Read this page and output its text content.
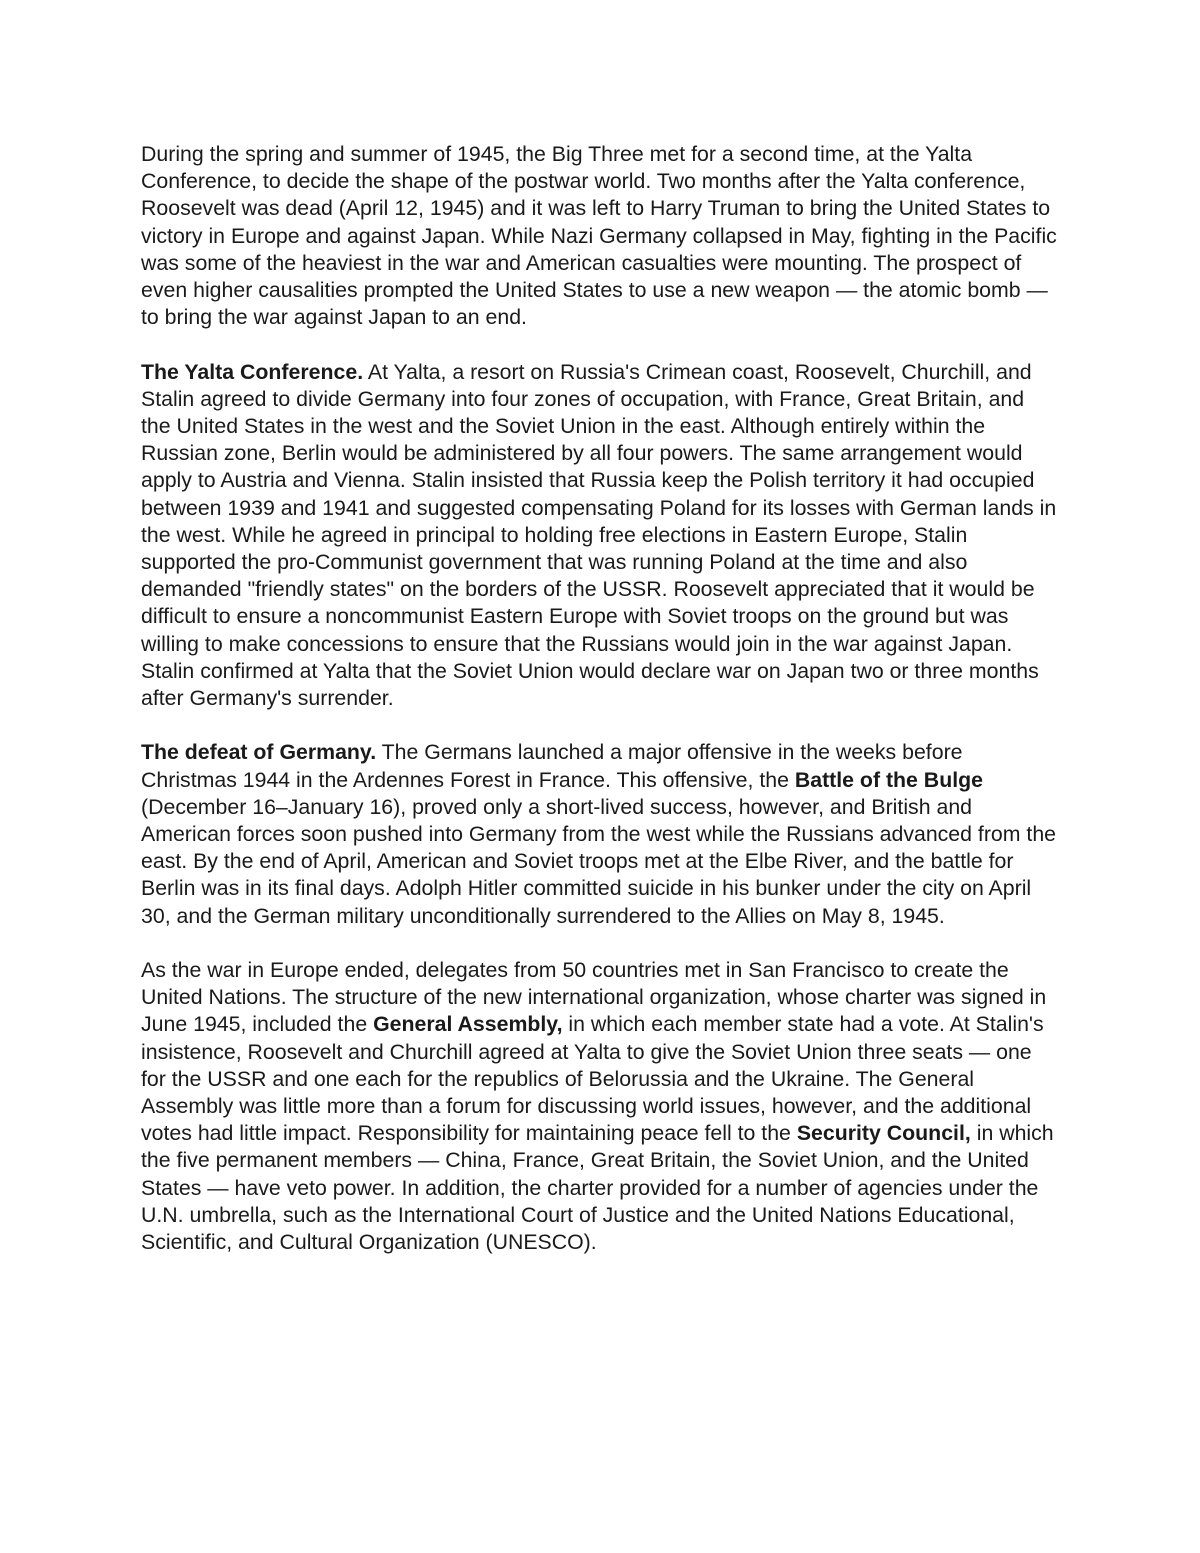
During the spring and summer of 1945, the Big Three met for a second time, at the Yalta Conference, to decide the shape of the postwar world. Two months after the Yalta conference, Roosevelt was dead (April 12, 1945) and it was left to Harry Truman to bring the United States to victory in Europe and against Japan. While Nazi Germany collapsed in May, fighting in the Pacific was some of the heaviest in the war and American casualties were mounting. The prospect of even higher causalities prompted the United States to use a new weapon — the atomic bomb — to bring the war against Japan to an end.

The Yalta Conference. At Yalta, a resort on Russia's Crimean coast, Roosevelt, Churchill, and Stalin agreed to divide Germany into four zones of occupation, with France, Great Britain, and the United States in the west and the Soviet Union in the east. Although entirely within the Russian zone, Berlin would be administered by all four powers. The same arrangement would apply to Austria and Vienna. Stalin insisted that Russia keep the Polish territory it had occupied between 1939 and 1941 and suggested compensating Poland for its losses with German lands in the west. While he agreed in principal to holding free elections in Eastern Europe, Stalin supported the pro-Communist government that was running Poland at the time and also demanded "friendly states" on the borders of the USSR. Roosevelt appreciated that it would be difficult to ensure a noncommunist Eastern Europe with Soviet troops on the ground but was willing to make concessions to ensure that the Russians would join in the war against Japan. Stalin confirmed at Yalta that the Soviet Union would declare war on Japan two or three months after Germany's surrender.

The defeat of Germany. The Germans launched a major offensive in the weeks before Christmas 1944 in the Ardennes Forest in France. This offensive, the Battle of the Bulge (December 16–January 16), proved only a short-lived success, however, and British and American forces soon pushed into Germany from the west while the Russians advanced from the east. By the end of April, American and Soviet troops met at the Elbe River, and the battle for Berlin was in its final days. Adolph Hitler committed suicide in his bunker under the city on April 30, and the German military unconditionally surrendered to the Allies on May 8, 1945.

As the war in Europe ended, delegates from 50 countries met in San Francisco to create the United Nations. The structure of the new international organization, whose charter was signed in June 1945, included the General Assembly, in which each member state had a vote. At Stalin's insistence, Roosevelt and Churchill agreed at Yalta to give the Soviet Union three seats — one for the USSR and one each for the republics of Belorussia and the Ukraine. The General Assembly was little more than a forum for discussing world issues, however, and the additional votes had little impact. Responsibility for maintaining peace fell to the Security Council, in which the five permanent members — China, France, Great Britain, the Soviet Union, and the United States — have veto power. In addition, the charter provided for a number of agencies under the U.N. umbrella, such as the International Court of Justice and the United Nations Educational, Scientific, and Cultural Organization (UNESCO).
